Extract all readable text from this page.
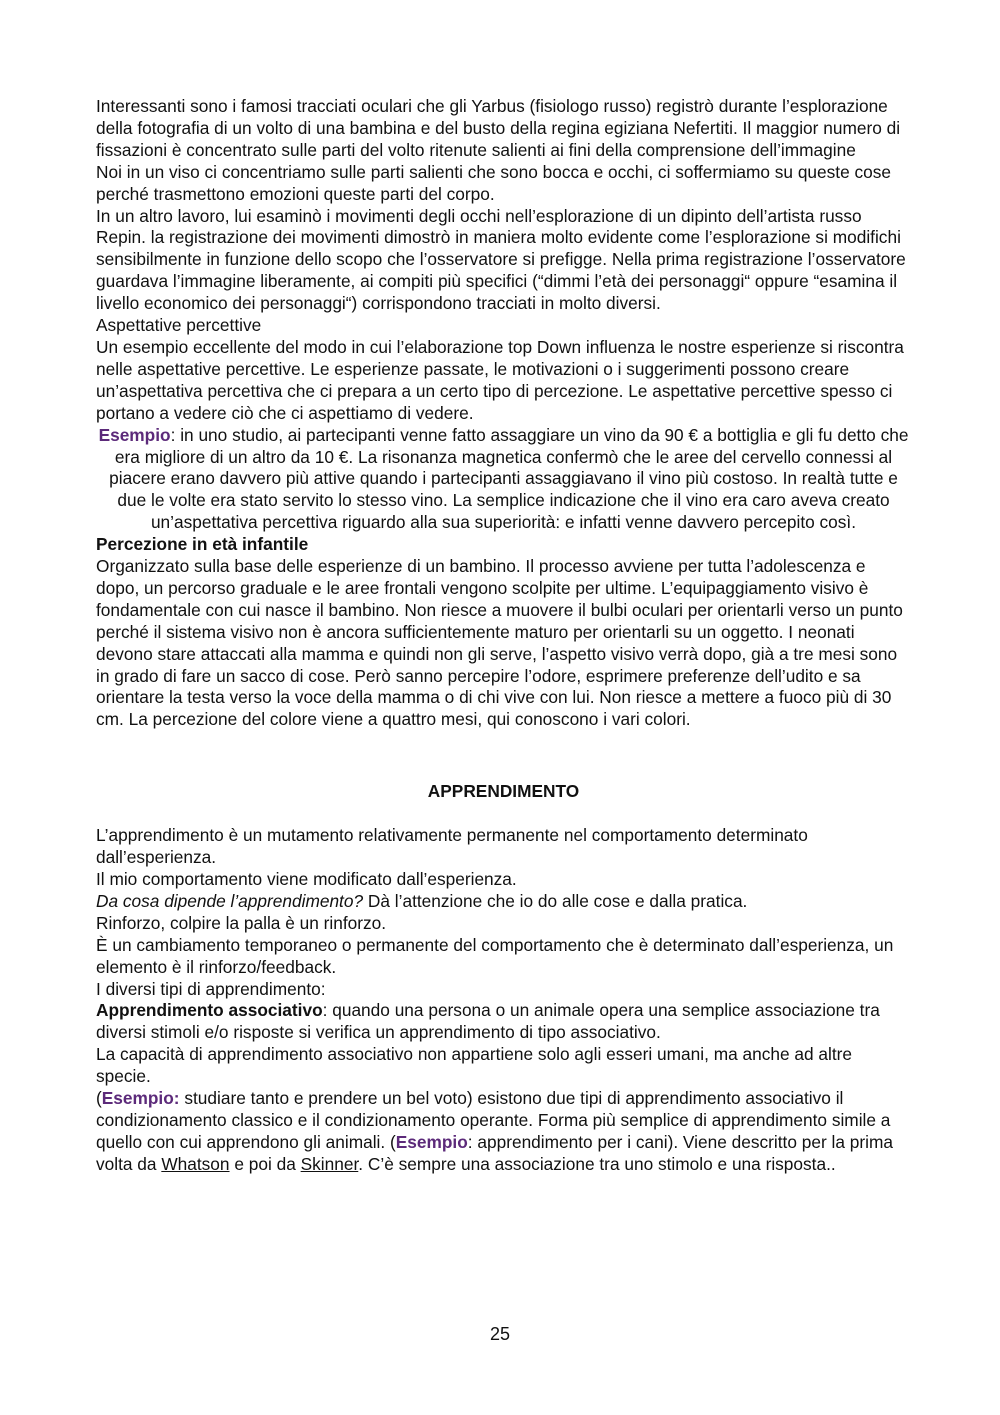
Interessanti sono i famosi tracciati oculari che gli Yarbus (fisiologo russo) registrò durante l’esplorazione della fotografia di un volto di una bambina e del busto della regina egiziana Nefertiti. Il maggior numero di fissazioni è concentrato sulle parti del volto ritenute salienti ai fini della comprensione dell’immagine

Noi in un viso ci concentriamo sulle parti salienti che sono bocca e occhi, ci soffermiamo su queste cose perché trasmettono emozioni queste parti del corpo.

In un altro lavoro, lui esaminò i movimenti degli occhi nell’esplorazione di un dipinto dell’artista russo Repin. la registrazione dei movimenti dimostrò in maniera molto evidente come l’esplorazione si modifichi sensibilmente in funzione dello scopo che l’osservatore si prefigge. Nella prima registrazione l’osservatore guardava l’immagine liberamente, ai compiti più specifici (“dimmi l’età dei personaggi“ oppure “esamina il livello economico dei personaggi“) corrispondono tracciati in molto diversi.

Aspettative percettive

Un esempio eccellente del modo in cui l’elaborazione top Down influenza le nostre esperienze si riscontra nelle aspettative percettive. Le esperienze passate, le motivazioni o i suggerimenti possono creare un’aspettativa percettiva che ci prepara a un certo tipo di percezione. Le aspettative percettive spesso ci portano a vedere ciò che ci aspettiamo di vedere.

Esempio: in uno studio, ai partecipanti venne fatto assaggiare un vino da 90 € a bottiglia e gli fu detto che era migliore di un altro da 10 €. La risonanza magnetica confermò che le aree del cervello connessi al piacere erano davvero più attive quando i partecipanti assaggiavano il vino più costoso. In realtà tutte e due le volte era stato servito lo stesso vino. La semplice indicazione che il vino era caro aveva creato un’aspettativa percettiva riguardo alla sua superiorità: e infatti venne davvero percepito così.

Percezione in età infantile

Organizzato sulla base delle esperienze di un bambino. Il processo avviene per tutta l’adolescenza e dopo, un percorso graduale e le aree frontali vengono scolpite per ultime. L’equipaggiamento visivo è fondamentale con cui nasce il bambino. Non riesce a muovere il bulbi oculari per orientarli verso un punto perché il sistema visivo non è ancora sufficientemente maturo per orientarli su un oggetto. I neonati devono stare attaccati alla mamma e quindi non gli serve, l’aspetto visivo verrà dopo, già a tre mesi sono in grado di fare un sacco di cose. Però sanno percepire l’odore, esprimere preferenze dell’udito e sa orientare la testa verso la voce della mamma o di chi vive con lui. Non riesce a mettere a fuoco più di 30 cm. La percezione del colore viene a quattro mesi, qui conoscono i vari colori.

APPRENDIMENTO

L’apprendimento è un mutamento relativamente permanente nel comportamento determinato dall’esperienza.

Il mio comportamento viene modificato dall’esperienza.

Da cosa dipende l’apprendimento? Dà l’attenzione che io do alle cose e dalla pratica.

Rinforzo, colpire la palla è un rinforzo.

È un cambiamento temporaneo o permanente del comportamento che è determinato dall’esperienza, un elemento è il rinforzo/feedback.

I diversi tipi di apprendimento:

Apprendimento associativo: quando una persona o un animale opera una semplice associazione tra diversi stimoli e/o risposte si verifica un apprendimento di tipo associativo.

La capacità di apprendimento associativo non appartiene solo agli esseri umani, ma anche ad altre specie.

(Esempio: studiare tanto e prendere un bel voto) esistono due tipi di apprendimento associativo il condizionamento classico e il condizionamento operante. Forma più semplice di apprendimento simile a quello con cui apprendono gli animali. (Esempio: apprendimento per i cani). Viene descritto per la prima volta da Whatson e poi da Skinner. C’è sempre una associazione tra uno stimolo e una risposta..

25
